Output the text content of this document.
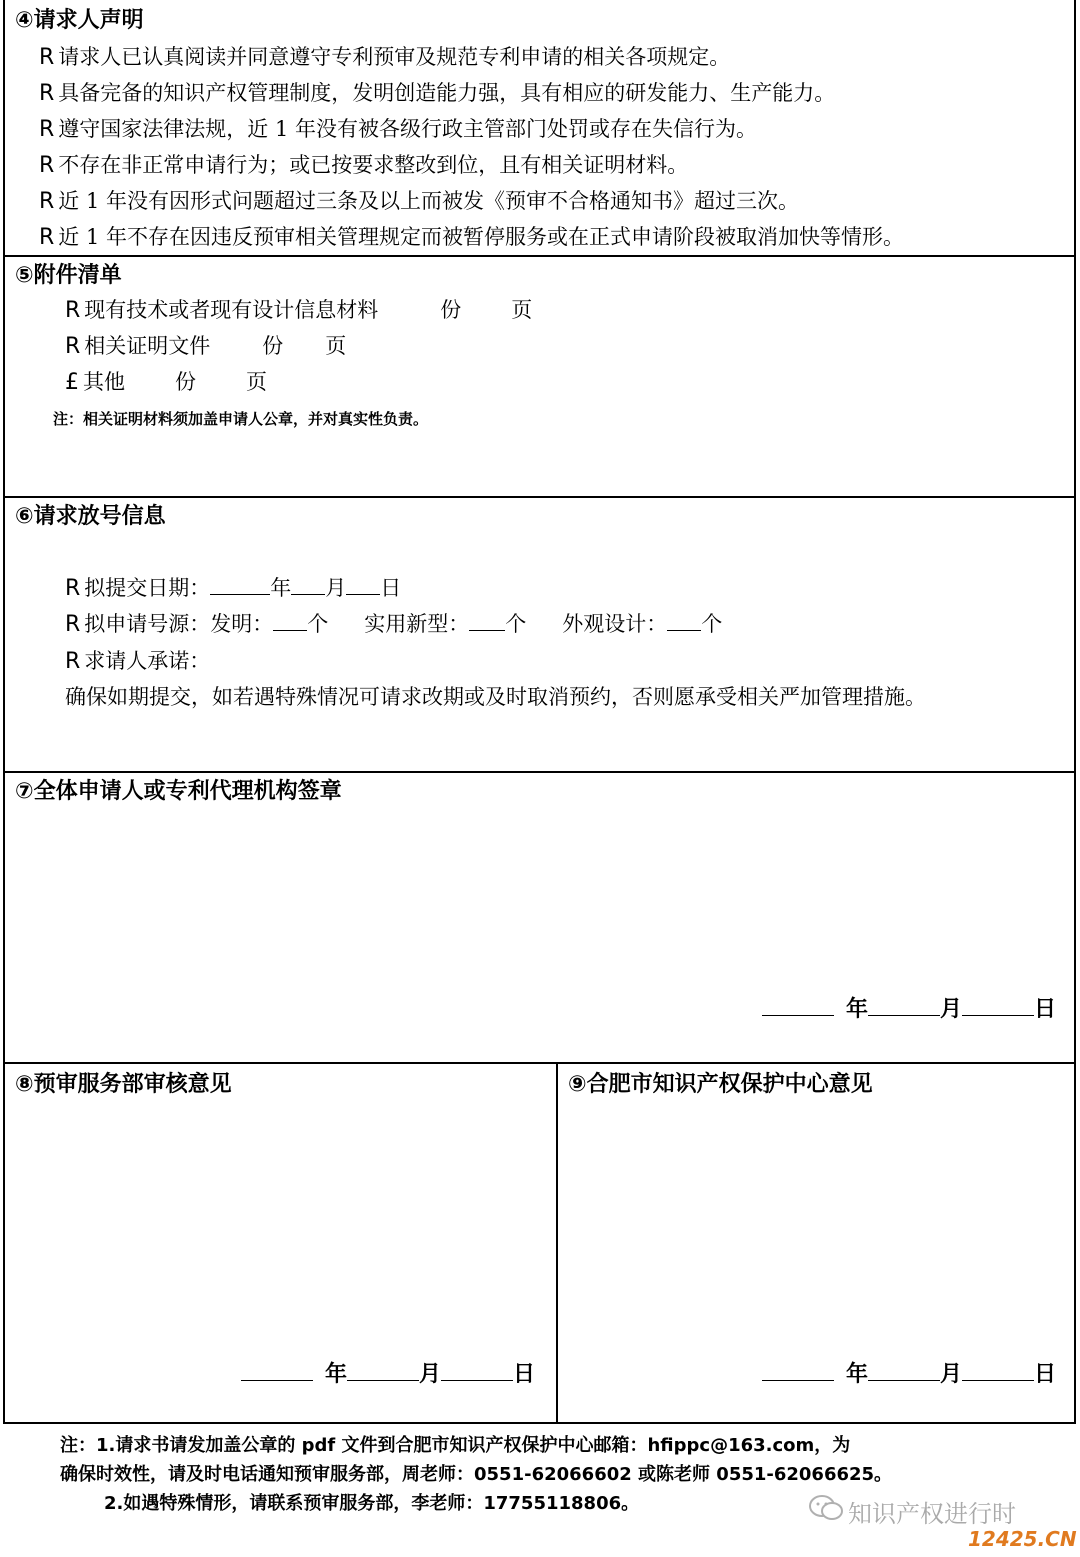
④请求人声明
R 请求人已认真阅读并同意遵守专利预审及规范专利申请的相关各项规定。
R 具备完备的知识产权管理制度，发明创造能力强，具有相应的研发能力、生产能力。
R 遵守国家法律法规，近 1 年没有被各级行政主管部门处罚或存在失信行为。
R 不存在非正常申请行为；或已按要求整改到位，且有相关证明材料。
R 近 1 年没有因形式问题超过三条及以上而被发《预审不合格通知书》超过三次。
R 近 1 年不存在因违反预审相关管理规定而被暂停服务或在正式申请阶段被取消加快等情形。
⑤附件清单
R 现有技术或者现有设计信息材料	份 页
R 相关证明文件 份 页
£ 其他 份 页
注：相关证明材料须加盖申请人公章，并对真实性负责。
⑥请求放号信息
R 拟提交日期：	年 月 日
R 拟申请号源：发明： 个 实用新型： 个 外观设计： 个
R 求请人承诺：
确保如期提交，如若遇特殊情况可请求改期或及时取消预约，否则愿承受相关严加管理措施。
⑦全体申请人或专利代理机构签章
年	月	日
⑧预审服务部审核意见
年	月	日
⑨合肥市知识产权保护中心意见
年	月	日
注：1.请求书请发加盖公章的 pdf 文件到合肥市知识产权保护中心邮箱：hfippc@163.com，为
确保时效性，请及时电话通知预审服务部，周老师：0551-62066602 或陈老师 0551-62066625。
2.如遇特殊情形，请联系预审服务部，李老师：17755118806。	知识产权进行时
12425.CN
